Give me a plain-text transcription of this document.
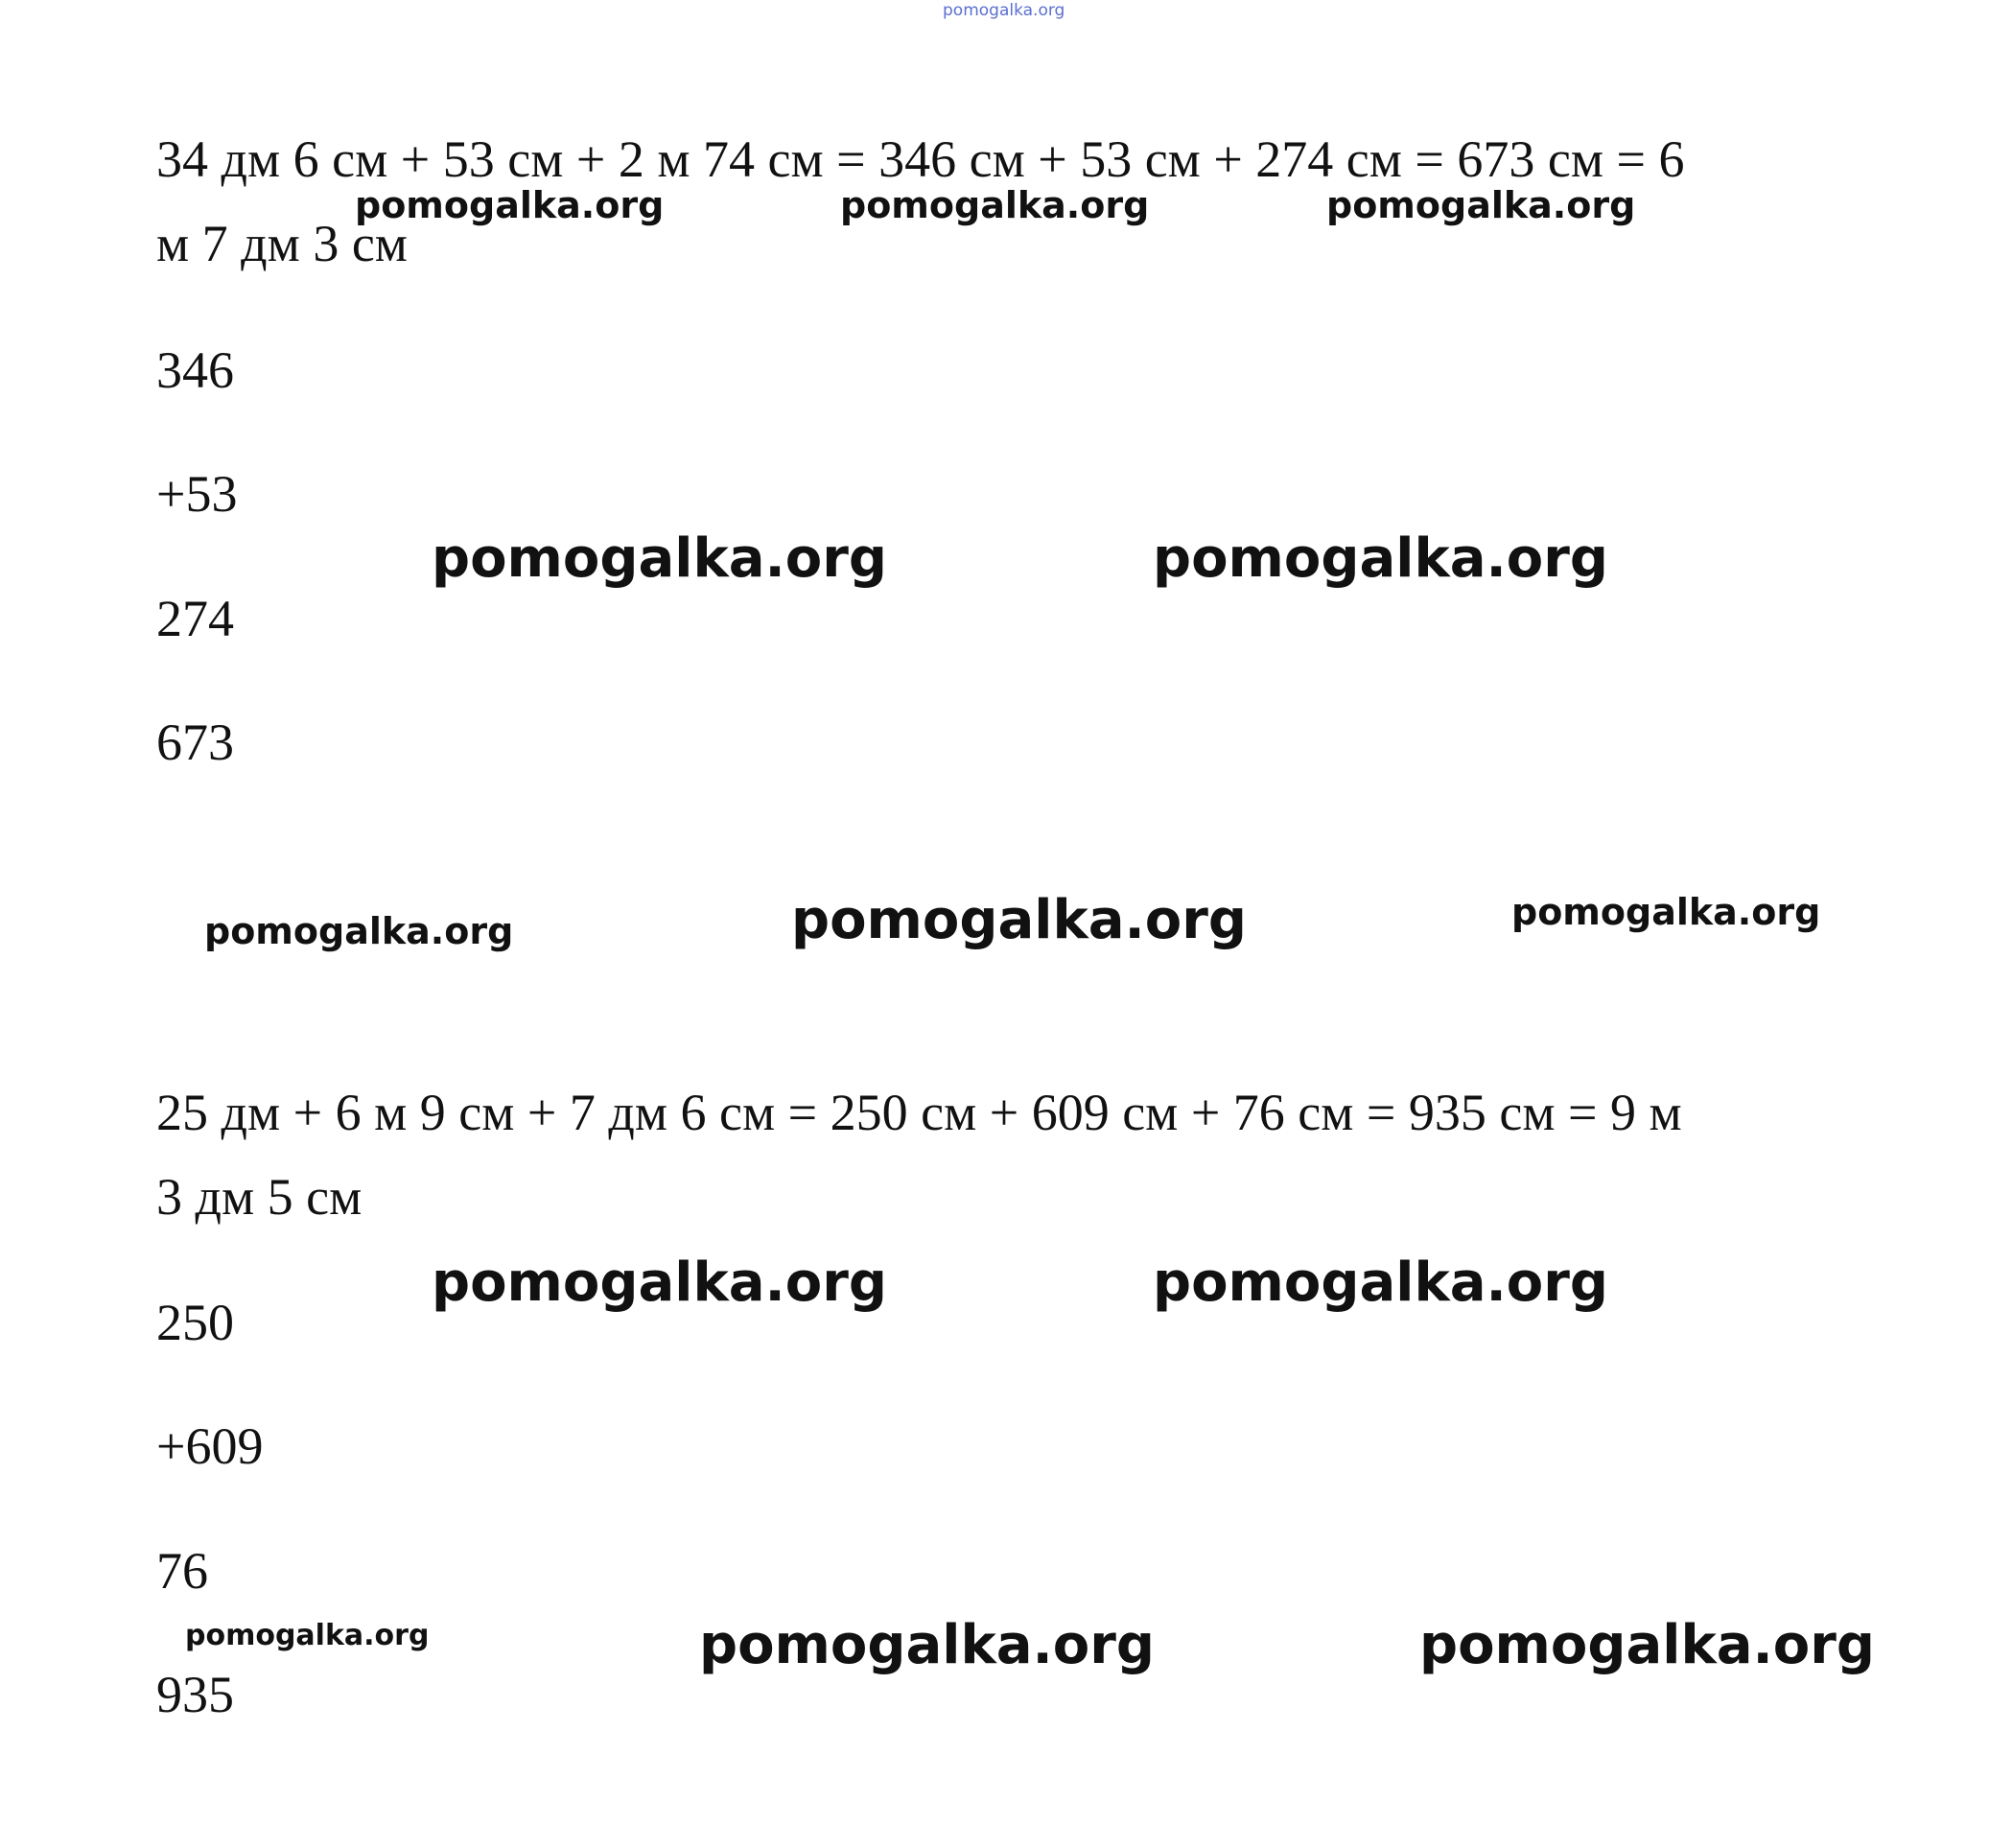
pomogalka.org
34 дм 6 см + 53 см + 2 м 74 см = 346 см + 53 см + 274 см = 673 см = 6
м 7 дм 3 см
346
+53
274
673
25 дм + 6 м 9 см + 7 дм 6 см = 250 см + 609 см + 76 см = 935 см = 9 м
3 дм 5 см
250
+609
76
935
pomogalka.org	pomogalka.org	pomogalka.org
pomogalka.org	pomogalka.org
pomogalka.org	pomogalka.org	pomogalka.org
pomogalka.org	pomogalka.org
pomogalka.org	pomogalka.org	pomogalka.org
